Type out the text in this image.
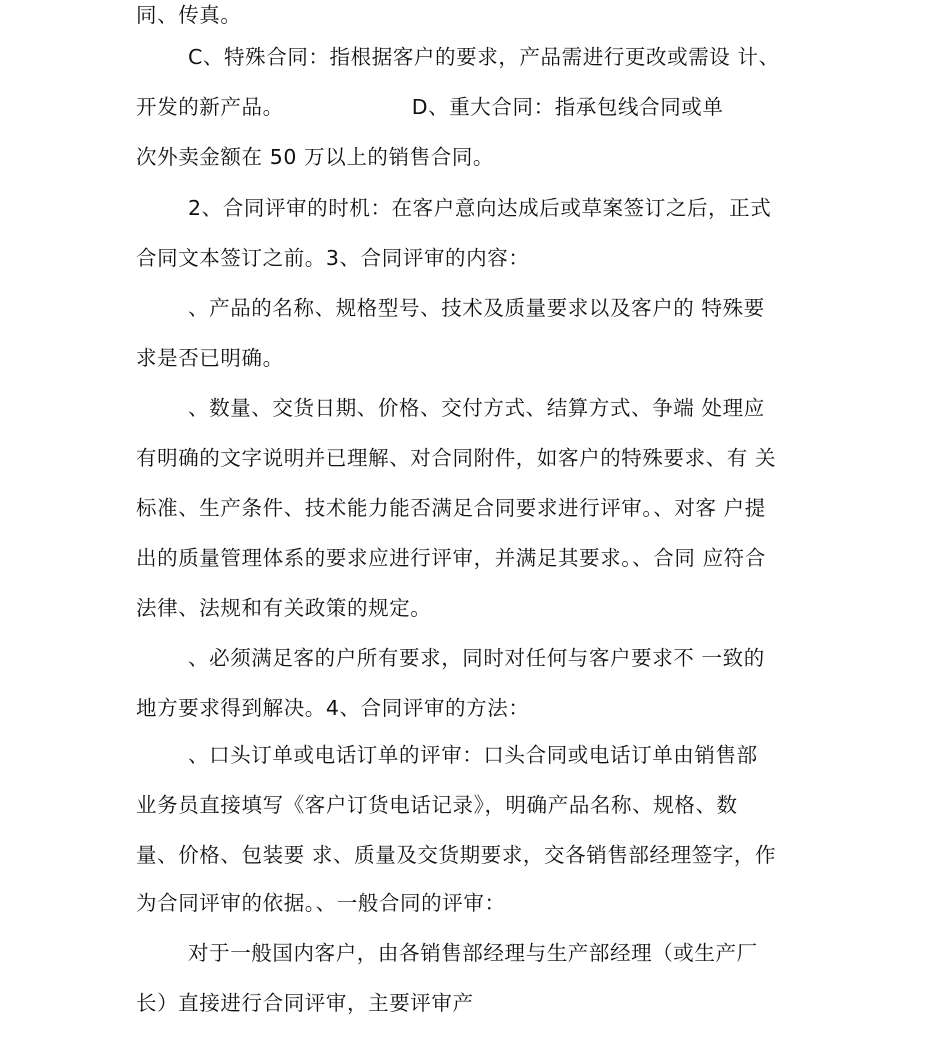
同、传真。
C、特殊合同：指根据客户的要求，产品需进行更改或需设 计、
开发的新产品。	D、重大合同：指承包线合同或单
次外卖金额在 50 万以上的销售合同。
2、合同评审的时机：在客户意向达成后或草案签订之后，正式
合同文本签订之前。3、合同评审的内容：
、产品的名称、规格型号、技术及质量要求以及客户的 特殊要
求是否已明确。
、数量、交货日期、价格、交付方式、结算方式、争端 处理应
有明确的文字说明并已理解、对合同附件，如客户的特殊要求、有 关
标准、生产条件、技术能力能否满足合同要求进行评审。、对客 户提
出的质量管理体系的要求应进行评审，并满足其要求。、合同 应符合
法律、法规和有关政策的规定。
、必须满足客的户所有要求，同时对任何与客户要求不 一致的
地方要求得到解决。4、合同评审的方法：
、口头订单或电话订单的评审：口头合同或电话订单由销售部
业务员直接填写《客户订货电话记录》，明确产品名称、规格、数
量、价格、包装要 求、质量及交货期要求，交各销售部经理签字，作
为合同评审的依据。、一般合同的评审：
对于一般国内客户，由各销售部经理与生产部经理（或生产厂
长）直接进行合同评审，主要评审产
